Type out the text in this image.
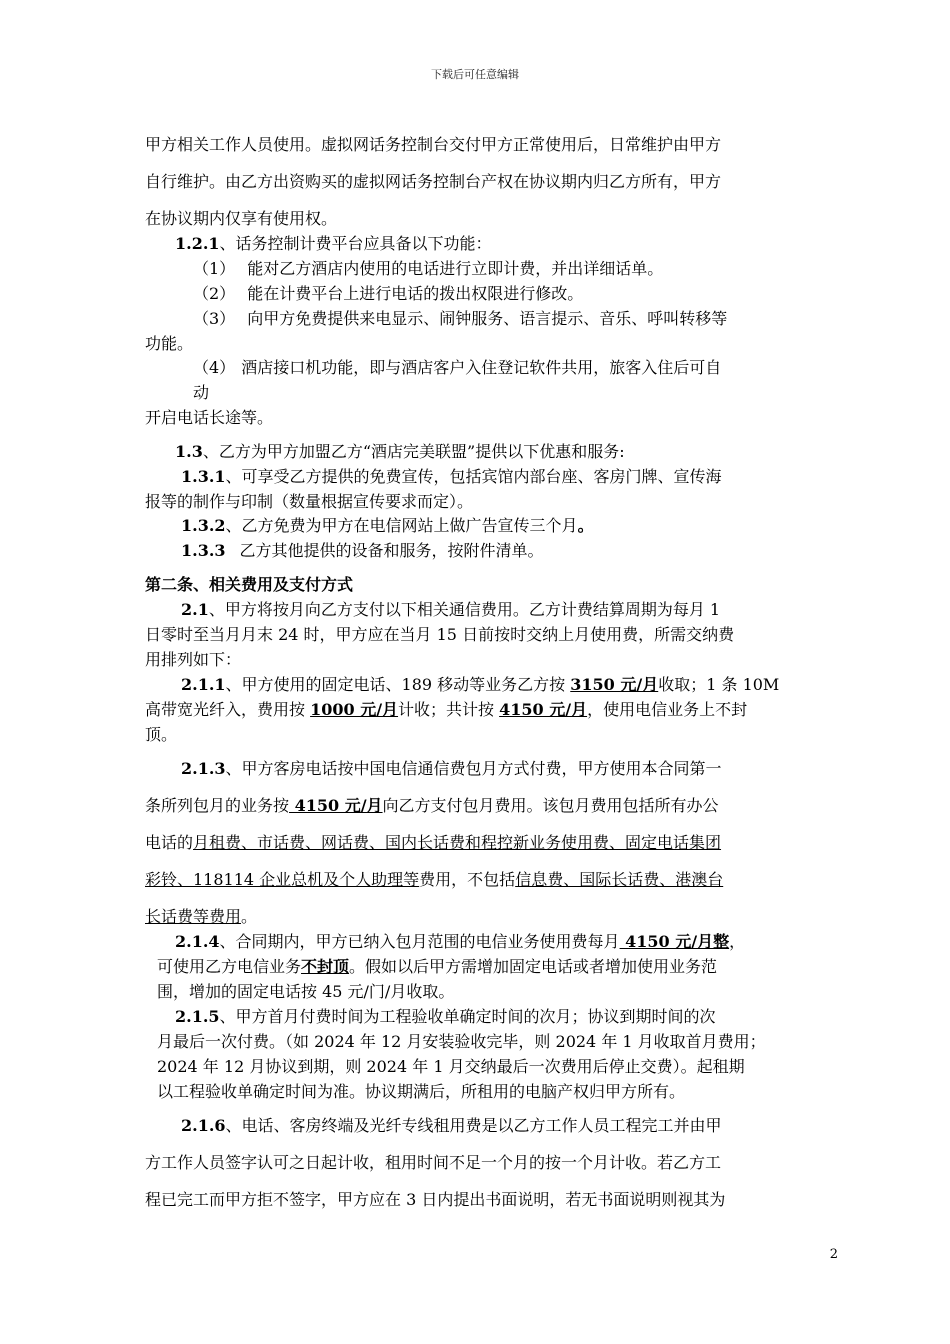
下载后可任意编辑
甲方相关工作人员使用。虚拟网话务控制台交付甲方正常使用后，日常维护由甲方
自行维护。由乙方出资购买的虚拟网话务控制台产权在协议期内归乙方所有，甲方
在协议期内仅享有使用权。
1.2.1、话务控制计费平台应具备以下功能：
（1） 能对乙方酒店内使用的电话进行立即计费，并出详细话单。
（2） 能在计费平台上进行电话的拨出权限进行修改。
（3） 向甲方免费提供来电显示、闹钟服务、语言提示、音乐、呼叫转移等
功能。
（4） 酒店接口机功能，即与酒店客户入住登记软件共用，旅客入住后可自
动
开启电话长途等。
1.3、乙方为甲方加盟乙方“酒店完美联盟”提供以下优惠和服务:
1.3.1、可享受乙方提供的免费宣传，包括宾馆内部台座、客房门牌、宣传海
报等的制作与印制（数量根据宣传要求而定）。
1.3.2、乙方免费为甲方在电信网站上做广告宣传三个月。
1.3.3 乙方其他提供的设备和服务，按附件清单。
第二条、相关费用及支付方式
2.1、甲方将按月向乙方支付以下相关通信费用。乙方计费结算周期为每月 1
日零时至当月月末 24 时，甲方应在当月 15 日前按时交纳上月使用费，所需交纳费
用排列如下：
2.1.1、甲方使用的固定电话、189 移动等业务乙方按 3150 元/月收取；1 条 10M
高带宽光纤入，费用按 1000 元/月计收；共计按 4150 元/月，使用电信业务上不封
顶。
2.1.3、甲方客房电话按中国电信通信费包月方式付费，甲方使用本合同第一
条所列包月的业务按 4150 元/月向乙方支付包月费用。该包月费用包括所有办公
电话的月租费、市话费、网话费、国内长话费和程控新业务使用费、固定电话集团
彩铃、118114 企业总机及个人助理等费用，不包括信息费、国际长话费、港澳台
长话费等费用。
2.1.4、合同期内，甲方已纳入包月范围的电信业务使用费每月 4150 元/月整，
可使用乙方电信业务不封顶。假如以后甲方需增加固定电话或者增加使用业务范
围，增加的固定电话按 45 元/门/月收取。
2.1.5、甲方首月付费时间为工程验收单确定时间的次月；协议到期时间的次
月最后一次付费。（如 2024 年 12 月安装验收完毕，则 2024 年 1 月收取首月费用；
2024 年 12 月协议到期，则 2024 年 1 月交纳最后一次费用后停止交费）。起租期
以工程验收单确定时间为准。协议期满后，所租用的电脑产权归甲方所有。
2.1.6、电话、客房终端及光纤专线租用费是以乙方工作人员工程完工并由甲
方工作人员签字认可之日起计收，租用时间不足一个月的按一个月计收。若乙方工
程已完工而甲方拒不签字，甲方应在 3 日内提出书面说明，若无书面说明则视其为
2
